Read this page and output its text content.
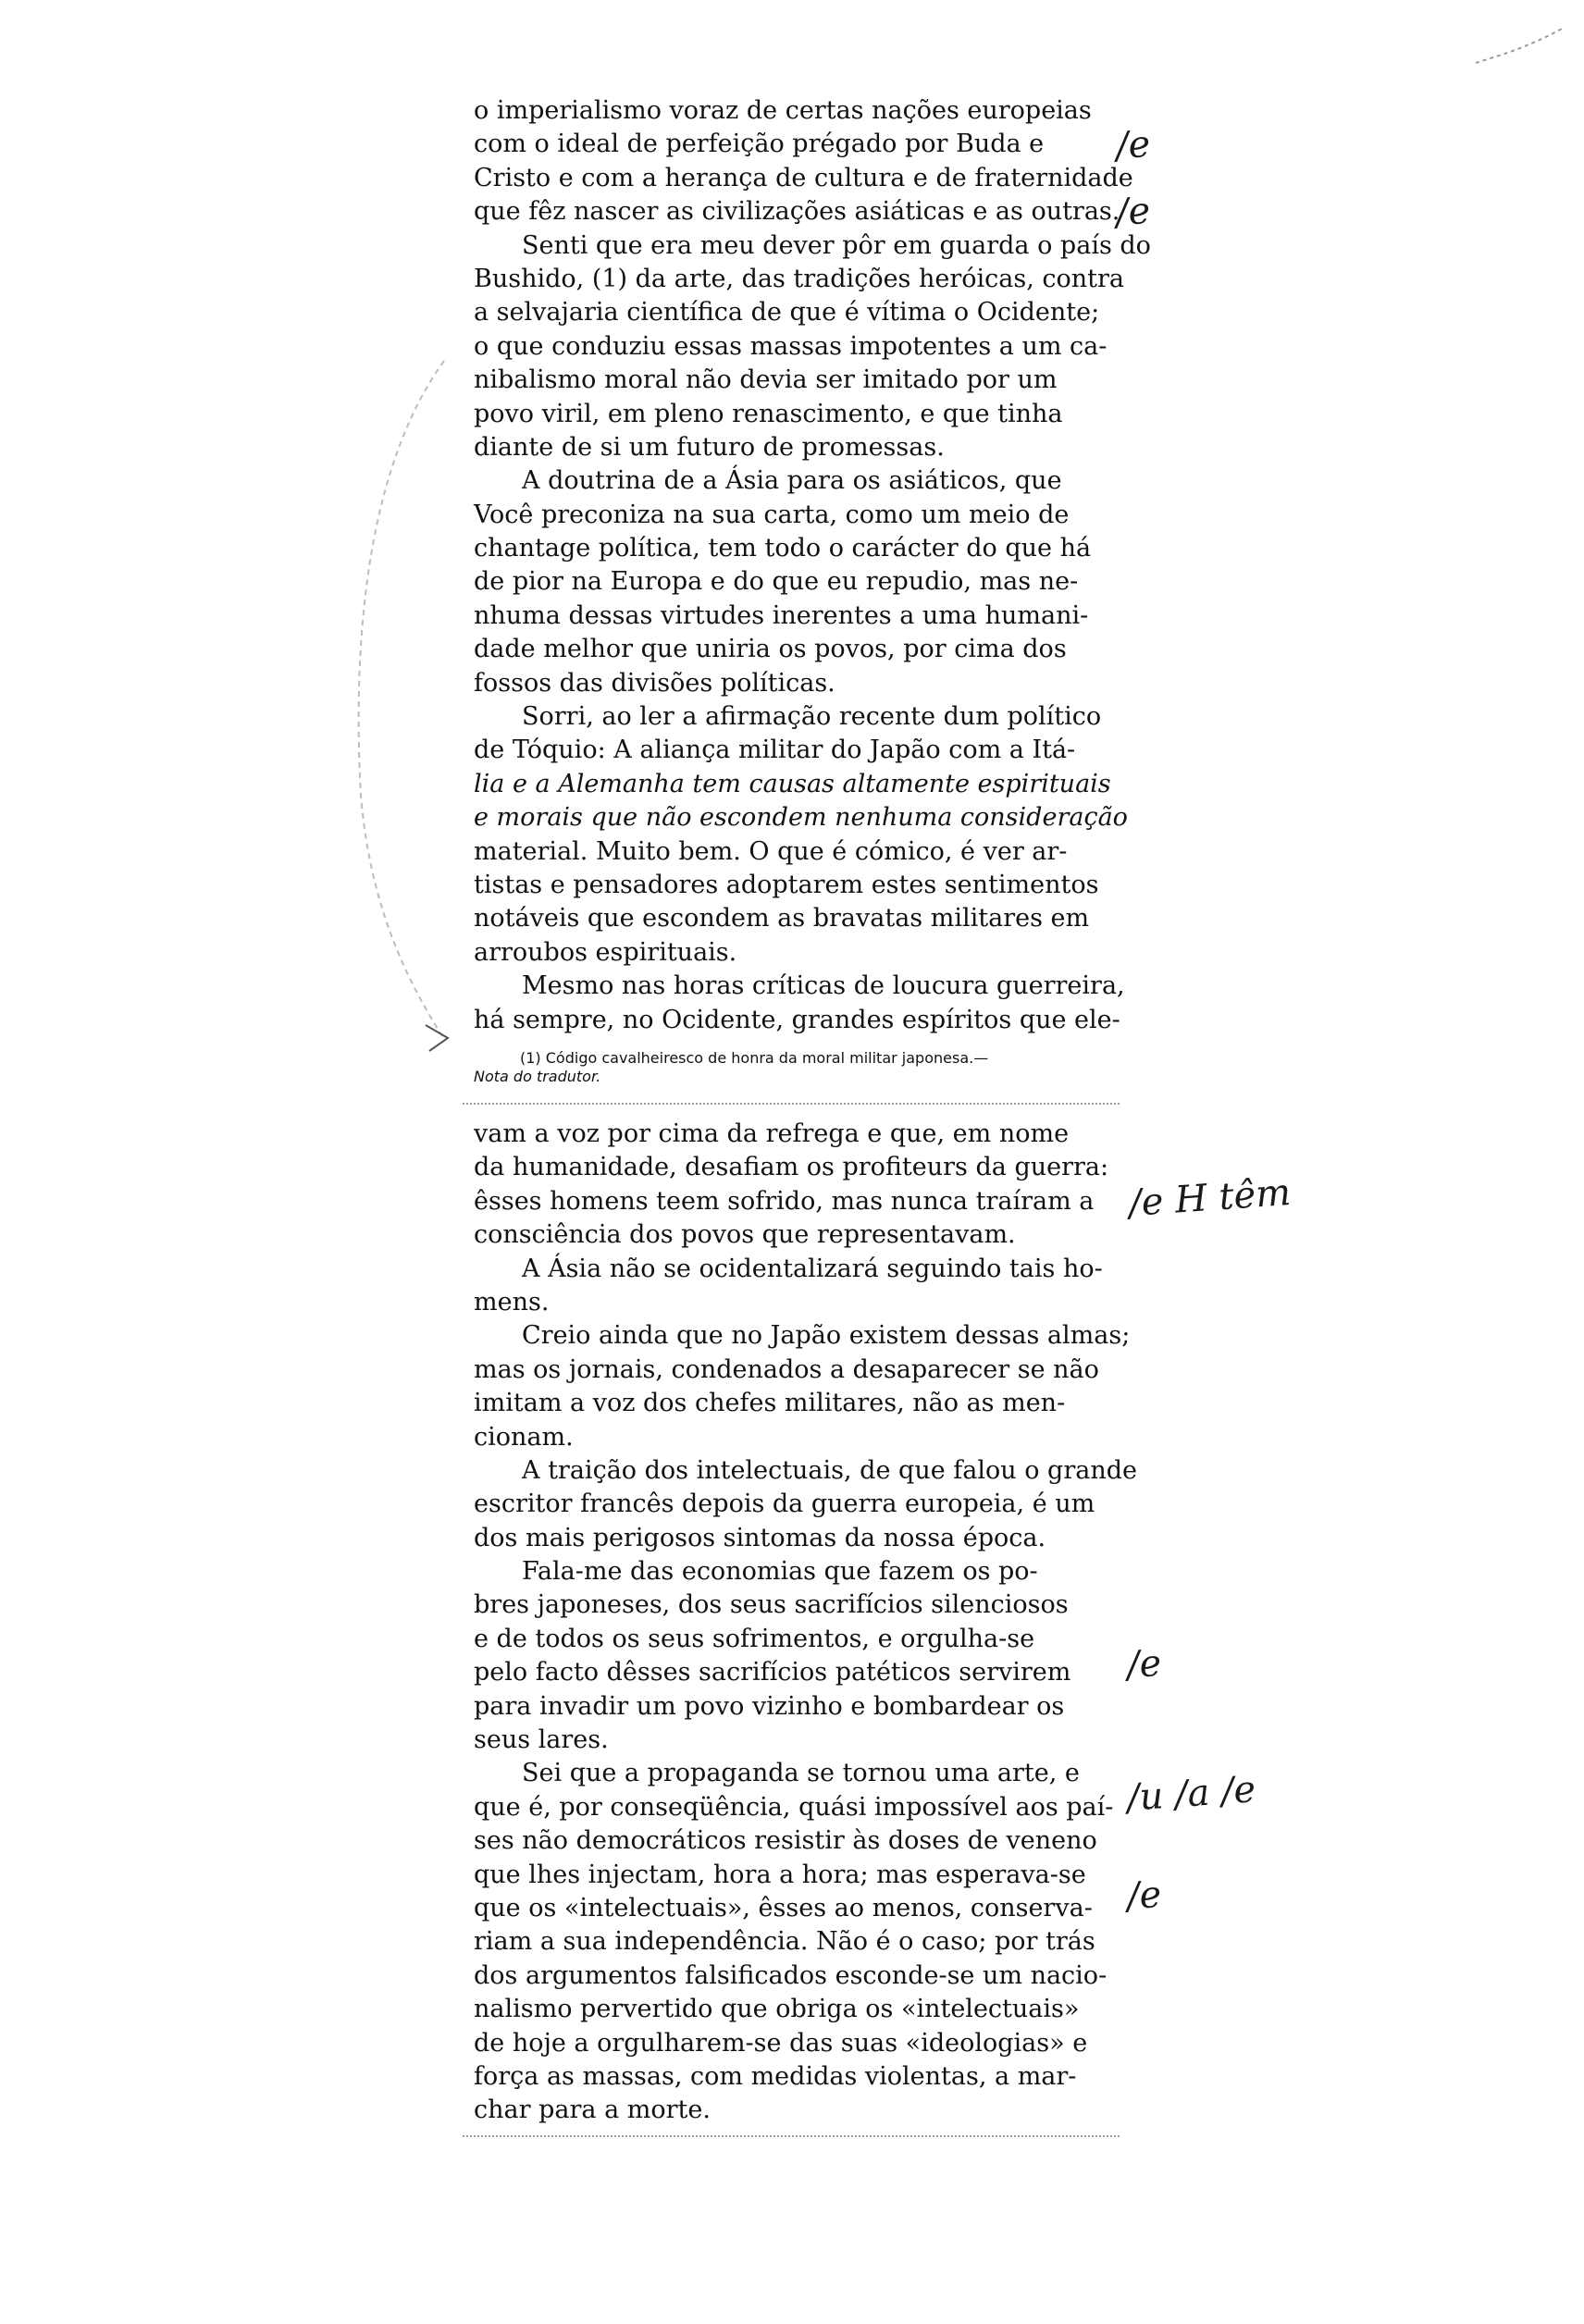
o imperialismo voraz de certas nações europeias
com o ideal de perfeição prégado por Buda e
Cristo e com a herança de cultura e de fraternidade
que fêz nascer as civilizações asiáticas e as outras.
Senti que era meu dever pôr em guarda o país do
Bushido, (1) da arte, das tradições heróicas, contra
a selvajaria científica de que é vítima o Ocidente;
o que conduziu essas massas impotentes a um ca-
nibalismo moral não devia ser imitado por um
povo viril, em pleno renascimento, e que tinha
diante de si um futuro de promessas.
A doutrina de a Ásia para os asiáticos, que
Você preconiza na sua carta, como um meio de
chantage política, tem todo o carácter do que há
de pior na Europa e do que eu repudio, mas ne-
nhuma dessas virtudes inerentes a uma humani-
dade melhor que uniria os povos, por cima dos
fossos das divisões políticas.
Sorri, ao ler a afirmação recente dum político
de Tóquio: A aliança militar do Japão com a Itá-
lia e a Alemanha tem causas altamente espirituais
e morais que não escondem nenhuma consideração
material. Muito bem. O que é cómico, é ver ar-
tistas e pensadores adoptarem estes sentimentos
notáveis que escondem as bravatas militares em
arroubos espirituais.
Mesmo nas horas críticas de loucura guerreira,
há sempre, no Ocidente, grandes espíritos que ele-
(1) Código cavalheiresco de honra da moral militar japonesa.—
Nota do tradutor.
vam a voz por cima da refrega e que, em nome
da humanidade, desafiam os profiteurs da guerra:
êsses homens teem sofrido, mas nunca traíram a
consciência dos povos que representavam.
A Ásia não se ocidentalizará seguindo tais ho-
mens.
Creio ainda que no Japão existem dessas almas;
mas os jornais, condenados a desaparecer se não
imitam a voz dos chefes militares, não as men-
cionam.
A traição dos intelectuais, de que falou o grande
escritor francês depois da guerra europeia, é um
dos mais perigosos sintomas da nossa época.
Fala-me das economias que fazem os po-
bres japoneses, dos seus sacrifícios silenciosos
e de todos os seus sofrimentos, e orgulha-se
pelo facto dêsses sacrifícios patéticos servirem
para invadir um povo vizinho e bombardear os
seus lares.
Sei que a propaganda se tornou uma arte, e
que é, por conseqüência, quási impossível aos paí-
ses não democráticos resistir às doses de veneno
que lhes injectam, hora a hora; mas esperava-se
que os «intelectuais», êsses ao menos, conserva-
riam a sua independência. Não é o caso; por trás
dos argumentos falsificados esconde-se um nacio-
nalismo pervertido que obriga os «intelectuais»
de hoje a orgulharem-se das suas «ideologias» e
força as massas, com medidas violentas, a mar-
char para a morte.
/e
/e
/e H têm
/e
/u /a /e
/e
